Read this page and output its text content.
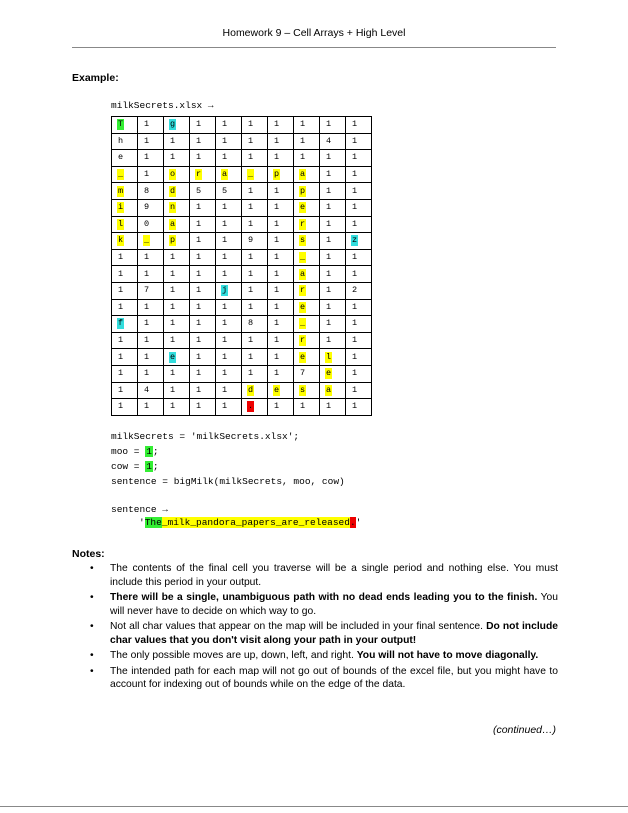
Homework 9 – Cell Arrays + High Level
Example:
milkSecrets.xlsx →
T	1	g	1	1	1	1	1	1	1
h	1	1	1	1	1	1	1	4	1
e	1	1	1	1	1	1	1	1	1
_	1	o	r	a	_	p	a	1	1
m	8	d	5	5	1	1	p	1	1
i	9	n	1	1	1	1	e	1	1
l	0	a	1	1	1	1	r	1	1
k	_	p	1	1	9	1	s	1	z
1	1	1	1	1	1	1	_	1	1
1	1	1	1	1	1	1	a	1	1
1	7	1	1	j	1	1	r	1	2
1	1	1	1	1	1	1	e	1	1
f	1	1	1	1	8	1	_	1	1
1	1	1	1	1	1	1	r	1	1
1	1	e	1	1	1	1	e	l	1
1	1	1	1	1	1	1	7	e	1
1	4	1	1	1	d	e	s	a	1
1	1	1	1	1	.	1	1	1	1
milkSecrets = 'milkSecrets.xlsx';
moo = 1;
cow = 1;
sentence = bigMilk(milkSecrets, moo, cow)
sentence →
'The_milk_pandora_papers_are_released.'
Notes:
• The contents of the final cell you traverse will be a single period and nothing else. You must include this period in your output.
• There will be a single, unambiguous path with no dead ends leading you to the finish. You will never have to decide on which way to go.
• Not all char values that appear on the map will be included in your final sentence. Do not include char values that you don't visit along your path in your output!
• The only possible moves are up, down, left, and right. You will not have to move diagonally.
• The intended path for each map will not go out of bounds of the excel file, but you might have to account for indexing out of bounds while on the edge of the data.
(continued…)
